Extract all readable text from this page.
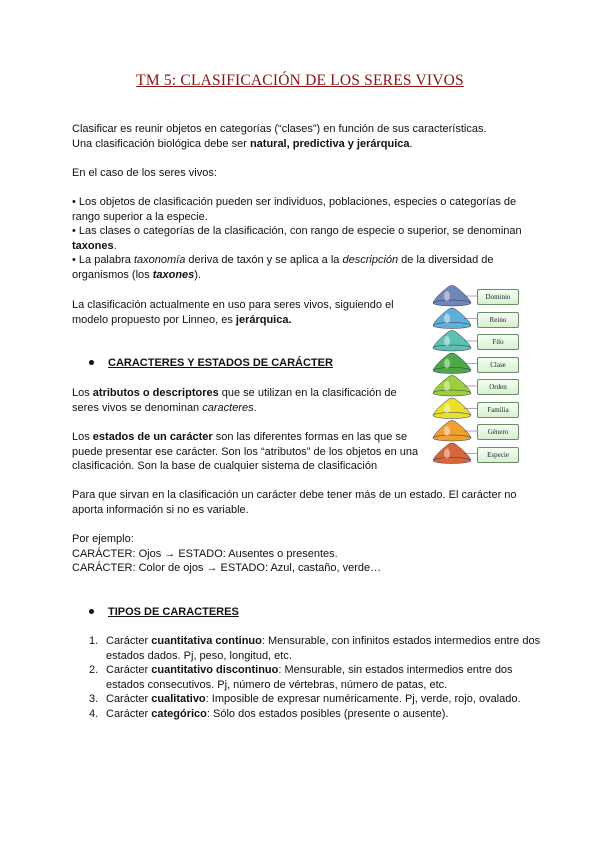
TM 5: CLASIFICACIÓN DE LOS SERES VIVOS
Clasificar es reunir objetos en categorías (“clases”) en función de sus características.
Una clasificación biológica debe ser natural, predictiva y jerárquica.
En el caso de los seres vivos:
• Los objetos de clasificación pueden ser individuos, poblaciones, especies o categorías de rango superior a la especie.
• Las clases o categorías de la clasificación, con rango de especie o superior, se denominan taxones.
• La palabra taxonomía deriva de taxón y se aplica a la descripción de la diversidad de organismos (los taxones).
La clasificación actualmente en uso para seres vivos, siguiendo el modelo propuesto por Linneo, es jerárquica.
CARACTERES Y ESTADOS DE CARÁCTER
Los atributos o descriptores que se utilizan en la clasificación de seres vivos se denominan caracteres.
Los estados de un carácter son las diferentes formas en las que se puede presentar ese carácter. Son los “atributos” de los objetos en una clasificación. Son la base de cualquier sistema de clasificación
Para que sirvan en la clasificación un carácter debe tener más de un estado. El carácter no aporta información si no es variable.
Por ejemplo:
CARÁCTER: Ojos → ESTADO: Ausentes o presentes.
CARÁCTER: Color de ojos → ESTADO: Azul, castaño, verde…
TIPOS DE CARACTERES
1. Carácter cuantitativa continuo: Mensurable, con infinitos estados intermedios entre dos estados dados. Pj, peso, longitud, etc.
2. Carácter cuantitativo discontinuo: Mensurable, sin estados intermedios entre dos estados consecutivos. Pj, número de vértebras, número de patas, etc.
3. Carácter cualitativo: Imposible de expresar numéricamente. Pj, verde, rojo, ovalado.
4. Carácter categórico: Sólo dos estados posibles (presente o ausente).
Dominio
Reino
Filo
Clase
Orden
Familia
Género
Especie
